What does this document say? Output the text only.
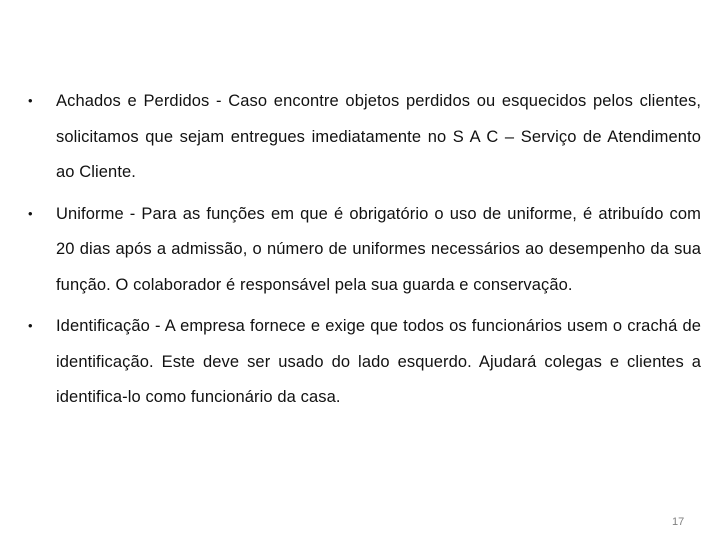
• Achados e Perdidos - Caso encontre objetos perdidos ou esquecidos pelos clientes, solicitamos que sejam entregues imediatamente no S A C – Serviço de Atendimento ao Cliente.
• Uniforme - Para as funções em que é obrigatório o uso de uniforme, é atribuído com 20 dias após a admissão, o número de uniformes necessários ao desempenho da sua função. O colaborador é responsável pela sua guarda e conservação.
• Identificação - A empresa fornece e exige que todos os funcionários usem o crachá de identificação. Este deve ser usado do lado esquerdo. Ajudará colegas e clientes a identifica-lo como funcionário da casa.
17
